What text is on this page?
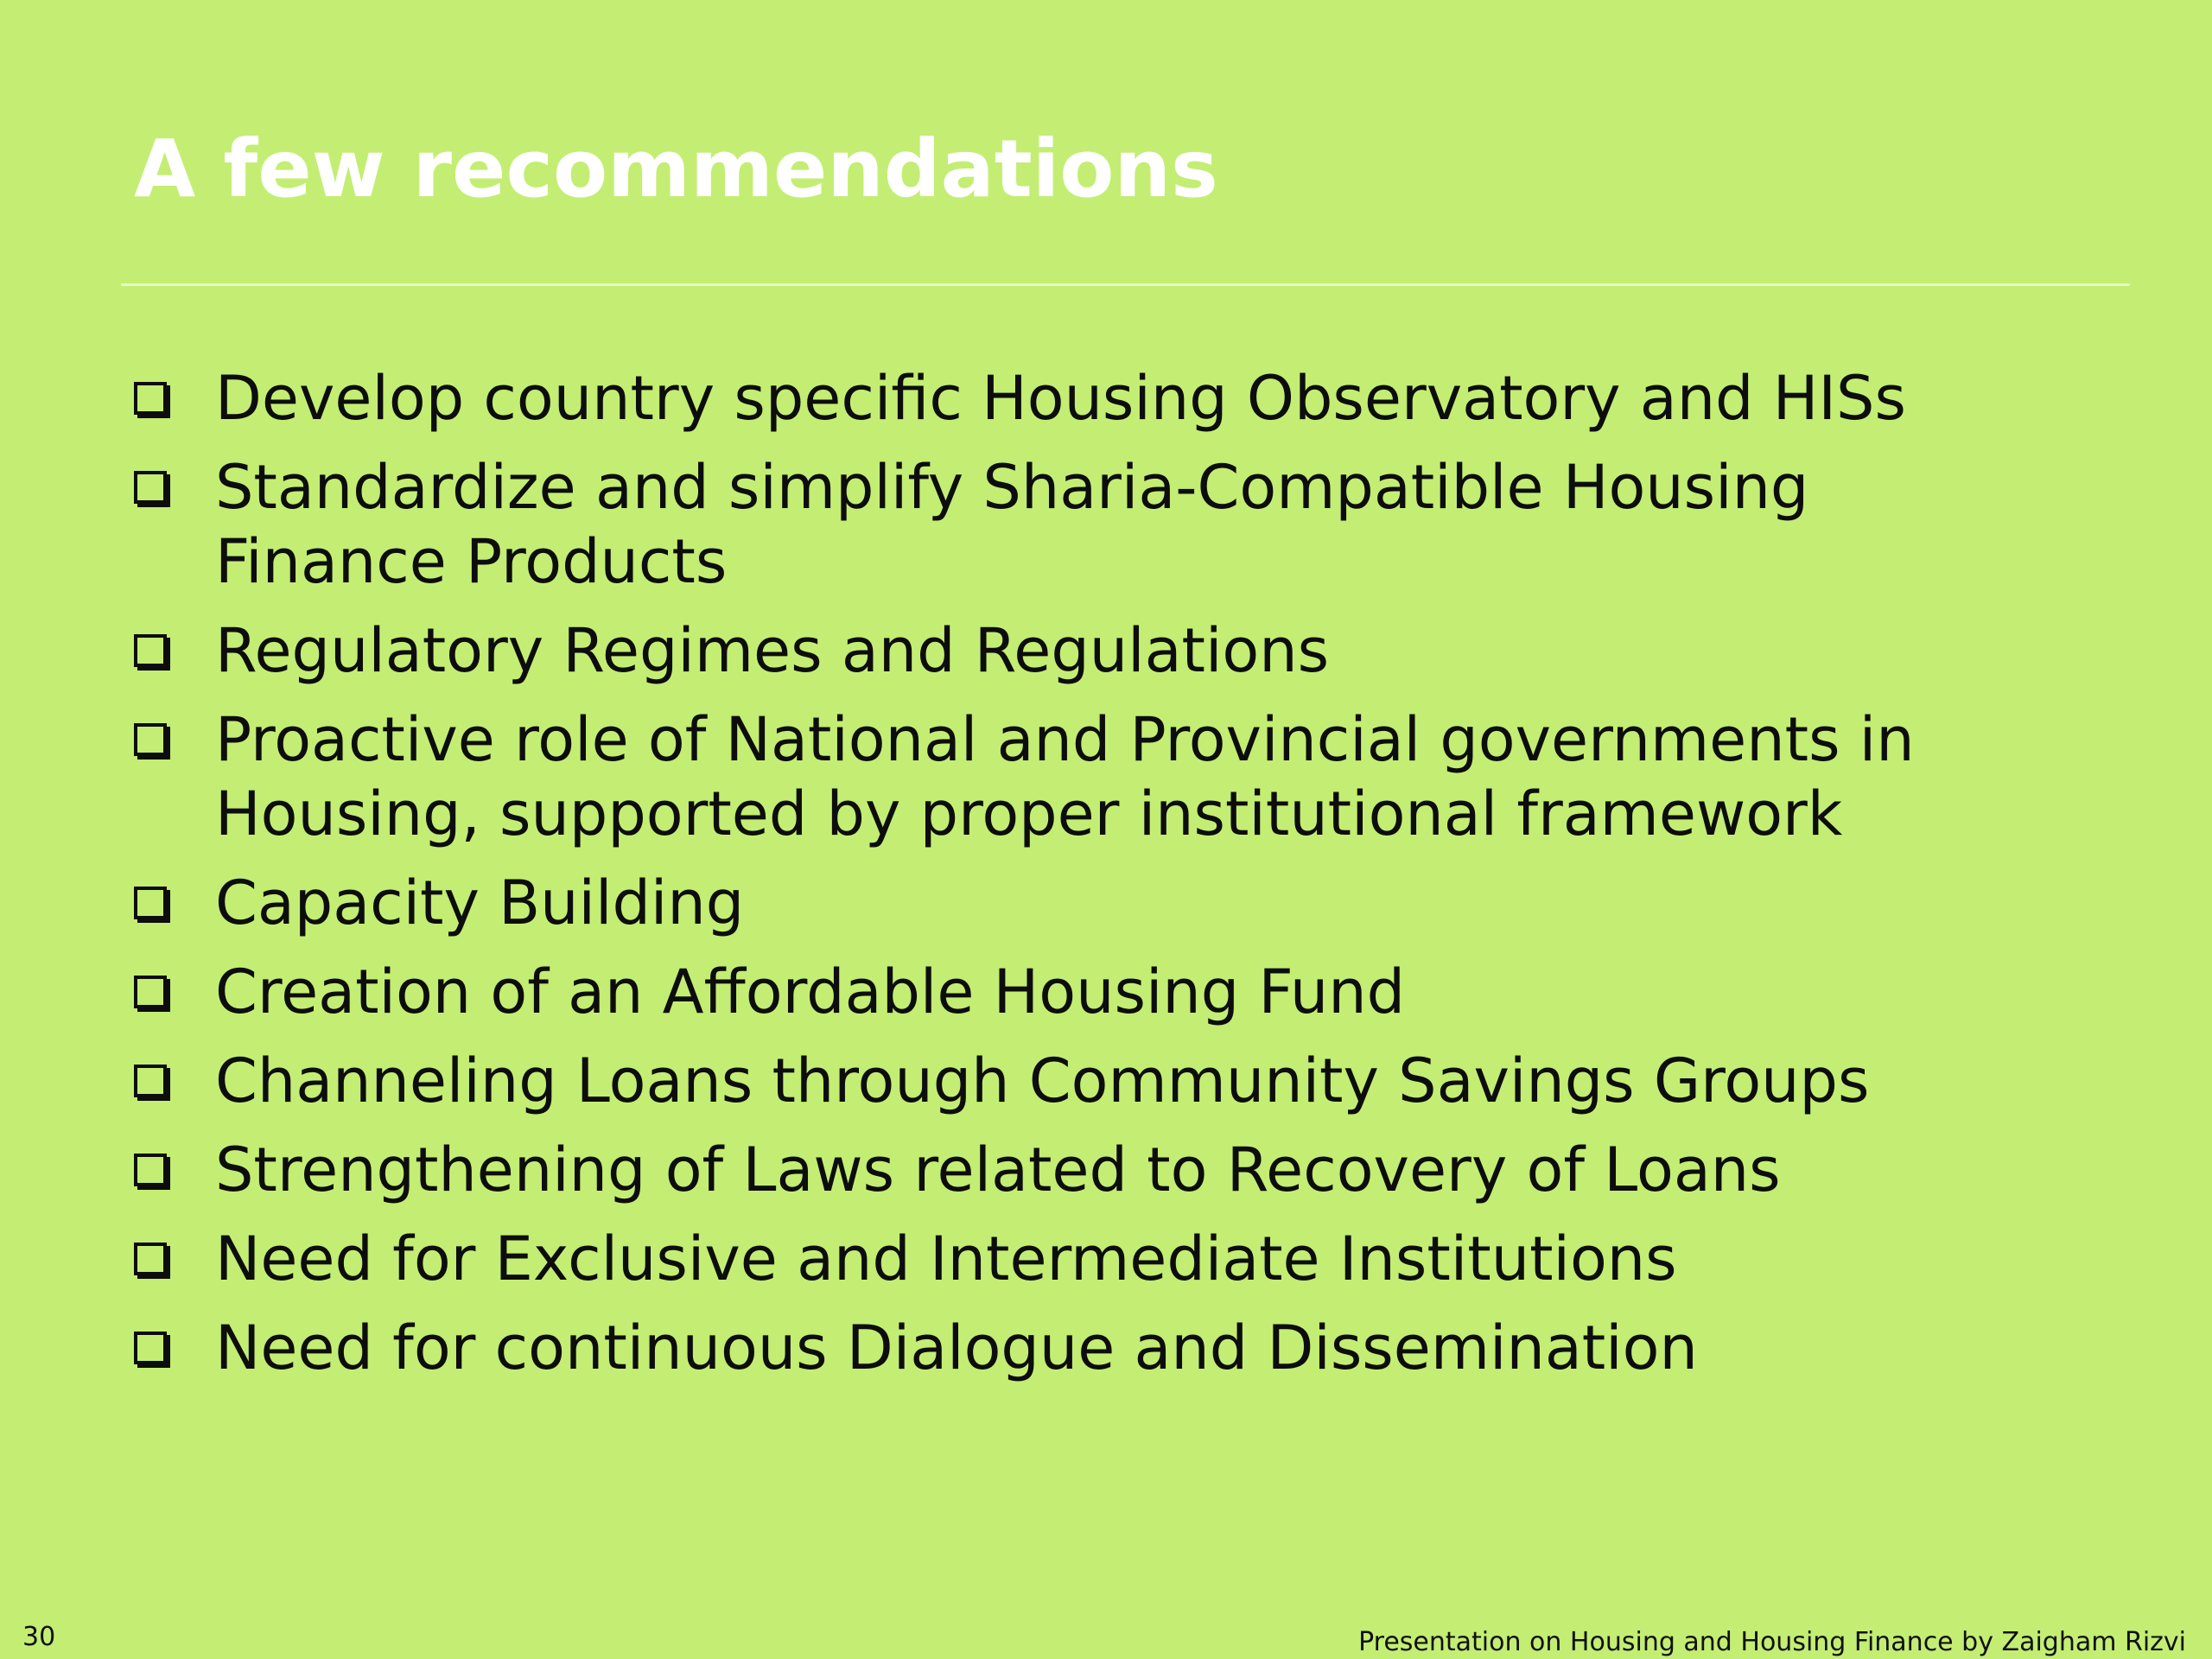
A few recommendations
Develop country specific Housing Observatory and HISs
Standardize and simplify Sharia-Compatible Housing
Finance Products
Regulatory Regimes and Regulations
Proactive role of National and Provincial governments in
Housing, supported by proper institutional framework
Capacity Building
Creation of an Affordable Housing Fund
Channeling Loans through Community Savings Groups
Strengthening of Laws related to Recovery of Loans
Need for Exclusive and Intermediate Institutions
Need for continuous Dialogue and Dissemination
30	Presentation on Housing and Housing Finance by Zaigham Rizvi
